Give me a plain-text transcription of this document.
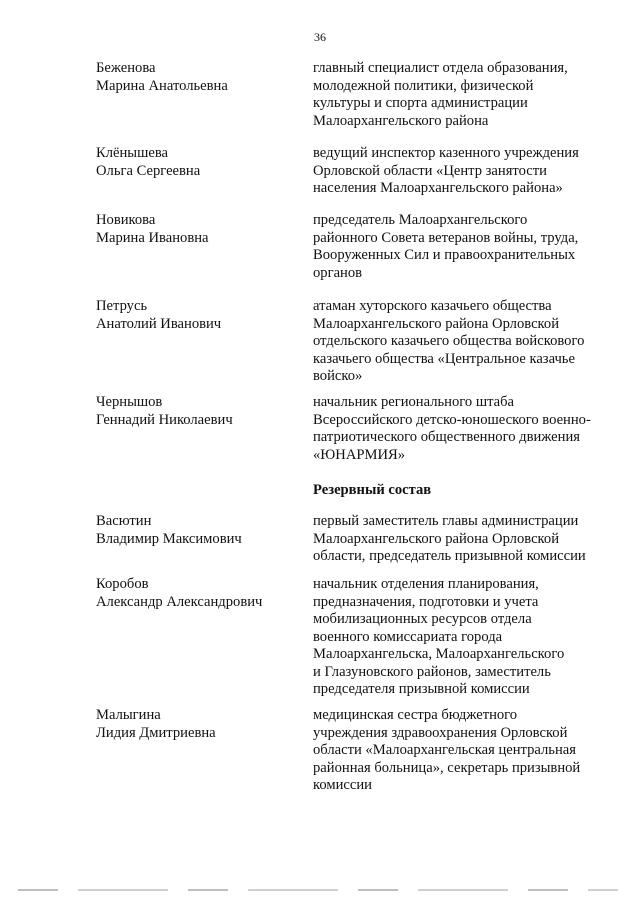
36
Беженова
Марина Анатольевна
главный специалист отдела образования,
молодежной политики, физической
культуры и спорта администрации
Малоархангельского района
Клёнышева
Ольга Сергеевна
ведущий инспектор казенного учреждения
Орловской области «Центр занятости
населения Малоархангельского района»
Новикова
Марина Ивановна
председатель Малоархангельского
районного Совета ветеранов войны, труда,
Вооруженных Сил и правоохранительных
органов
Петрусь
Анатолий Иванович
атаман хуторского казачьего общества
Малоархангельского района Орловской
отдельского казачьего общества войскового
казачьего общества «Центральное казачье
войско»
Чернышов
Геннадий Николаевич
начальник регионального штаба
Всероссийского детско-юношеского военно-
патриотического общественного движения
«ЮНАРМИЯ»
Резервный состав
Васютин
Владимир Максимович
первый заместитель главы администрации
Малоархангельского района Орловской
области, председатель призывной комиссии
Коробов
Александр Александрович
начальник отделения планирования,
предназначения, подготовки и учета
мобилизационных ресурсов отдела
военного комиссариата города
Малоархангельска, Малоархангельского
и Глазуновского районов, заместитель
председателя призывной комиссии
Малыгина
Лидия Дмитриевна
медицинская сестра бюджетного
учреждения здравоохранения Орловской
области «Малоархангельская центральная
районная больница», секретарь призывной
комиссии
